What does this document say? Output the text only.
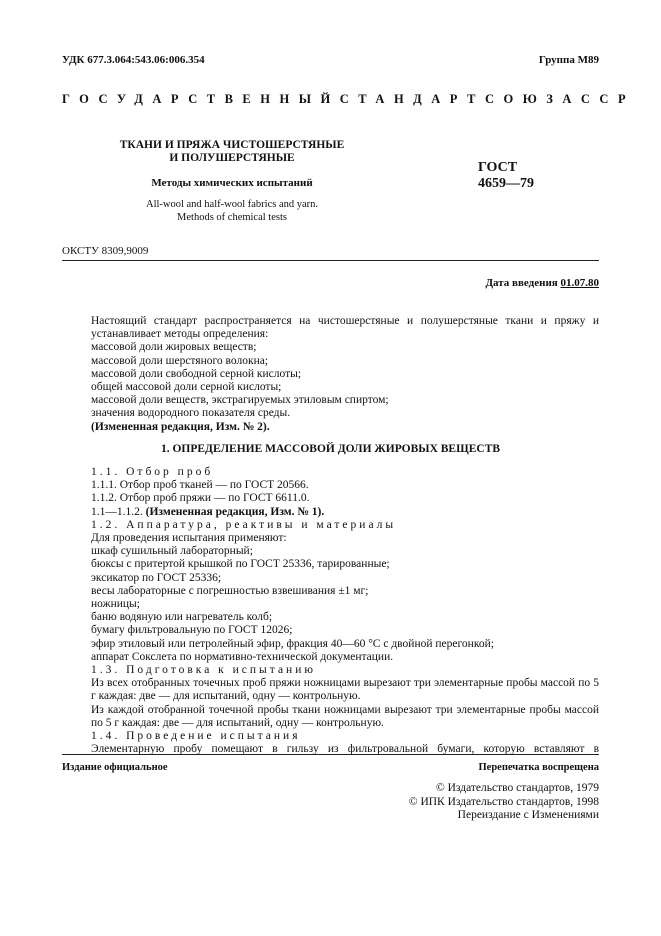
УДК 677.3.064:543.06:006.354	Группа М89
ГОСУДАРСТВЕННЫЙ СТАНДАРТ СОЮЗА ССР
ТКАНИ И ПРЯЖА ЧИСТОШЕРСТЯНЫЕ
И ПОЛУШЕРСТЯНЫЕ
Методы химических испытаний
All-wool and half-wool fabrics and yarn.
Methods of chemical tests
ГОСТ
4659—79
ОКСТУ 8309,9009
Дата введения 01.07.80

Настоящий стандарт распространяется на чистошерстяные и полушерстяные ткани и пряжу и устанавливает методы определения:

массовой доли жировых веществ;

массовой доли шерстяного волокна;

массовой доли свободной серной кислоты;

общей массовой доли серной кислоты;

массовой доли веществ, экстрагируемых этиловым спиртом;

значения водородного показателя среды.

(Измененная редакция, Изм. № 2).

1. ОПРЕДЕЛЕНИЕ МАССОВОЙ ДОЛИ ЖИРОВЫХ ВЕЩЕСТВ

1.1. Отбор проб

1.1.1. Отбор проб тканей — по ГОСТ 20566.

1.1.2. Отбор проб пряжи — по ГОСТ 6611.0.

1.1—1.1.2. (Измененная редакция, Изм. № 1).

1.2. Аппаратура, реактивы и материалы

Для проведения испытания применяют:

шкаф сушильный лабораторный;

бюксы с притертой крышкой по ГОСТ 25336, тарированные;

эксикатор по ГОСТ 25336;

весы лабораторные с погрешностью взвешивания ±1 мг;

ножницы;

баню водяную или нагреватель колб;

бумагу фильтровальную по ГОСТ 12026;

эфир этиловый или петролейный эфир, фракция 40—60 °С с двойной перегонкой;

аппарат Сокслета по нормативно-технической документации.

1.3. Подготовка к испытанию

Из всех отобранных точечных проб пряжи ножницами вырезают три элементарные пробы массой по 5 г каждая: две — для испытаний, одну — контрольную.

Из каждой отобранной точечной пробы ткани ножницами вырезают три элементарные пробы массой по 5 г каждая: две — для испытаний, одну — контрольную.

1.4. Проведение испытания

Элементарную пробу помещают в гильзу из фильтровальной бумаги, которую вставляют в

Издание официальное	Перепечатка воспрещена
© Издательство стандартов, 1979
© ИПК Издательство стандартов, 1998
Переиздание с Изменениями
